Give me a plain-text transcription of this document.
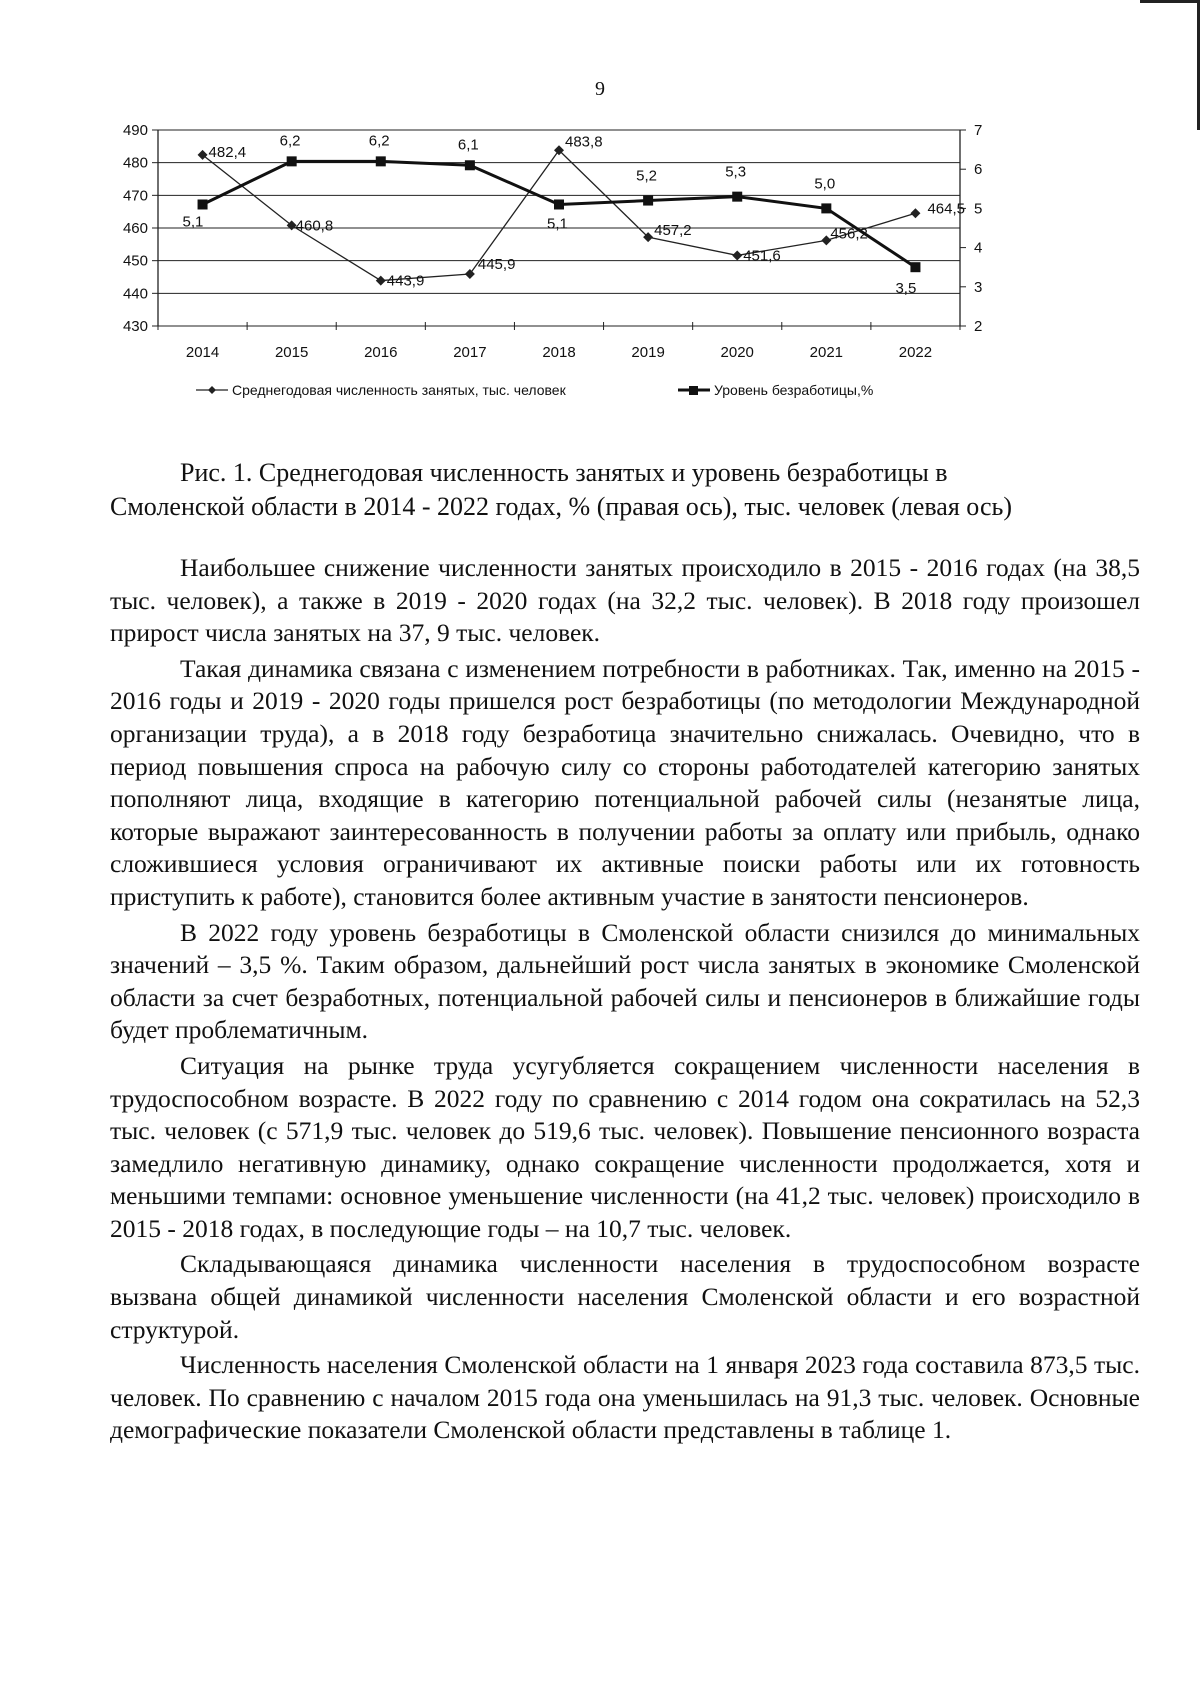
9
430
440
450
460
470
480
490
2
3
4
5
6
7
2014	2015	2016	2017	2018	2019	2020	2021	2022
482,4
460,8
443,9
445,9
483,8
457,2
451,6
456,2
464,5
5,1
6,2	6,2	6,1
5,1
5,2	5,3
5,0
3,5
Среднегодовая численность занятых, тыс. человек	Уровень безработицы,%
Рис. 1. Среднегодовая численность занятых и уровень безработицы в
Смоленской области в 2014 - 2022 годах, % (правая ось), тыс. человек (левая ось)

Наибольшее снижение численности занятых происходило в 2015 - 2016 годах (на 38,5 тыс. человек), а также в 2019 - 2020 годах (на 32,2 тыс. человек). В 2018 году произошел прирост числа занятых на 37, 9 тыс. человек.

Такая динамика связана с изменением потребности в работниках. Так, именно на 2015 - 2016 годы и 2019 - 2020 годы пришелся рост безработицы (по методологии Международной организации труда), а в 2018 году безработица значительно снижалась. Очевидно, что в период повышения спроса на рабочую силу со стороны работодателей категорию занятых пополняют лица, входящие в категорию потенциальной рабочей силы (незанятые лица, которые выражают заинтересованность в получении работы за оплату или прибыль, однако сложившиеся условия ограничивают их активные поиски работы или их готовность приступить к работе), становится более активным участие в занятости пенсионеров.

В 2022 году уровень безработицы в Смоленской области снизился до минимальных значений – 3,5 %. Таким образом, дальнейший рост числа занятых в экономике Смоленской области за счет безработных, потенциальной рабочей силы и пенсионеров в ближайшие годы будет проблематичным.

Ситуация на рынке труда усугубляется сокращением численности населения в трудоспособном возрасте. В 2022 году по сравнению с 2014 годом она сократилась на 52,3 тыс. человек (с 571,9 тыс. человек до 519,6 тыс. человек). Повышение пенсионного возраста замедлило негативную динамику, однако сокращение численности продолжается, хотя и меньшими темпами: основное уменьшение численности (на 41,2 тыс. человек) происходило в 2015 - 2018 годах, в последующие годы – на 10,7 тыс. человек.

Складывающаяся динамика численности населения в трудоспособном возрасте вызвана общей динамикой численности населения Смоленской области и его возрастной структурой.

Численность населения Смоленской области на 1 января 2023 года составила 873,5 тыс. человек. По сравнению с началом 2015 года она уменьшилась на 91,3 тыс. человек. Основные демографические показатели Смоленской области представлены в таблице 1.
